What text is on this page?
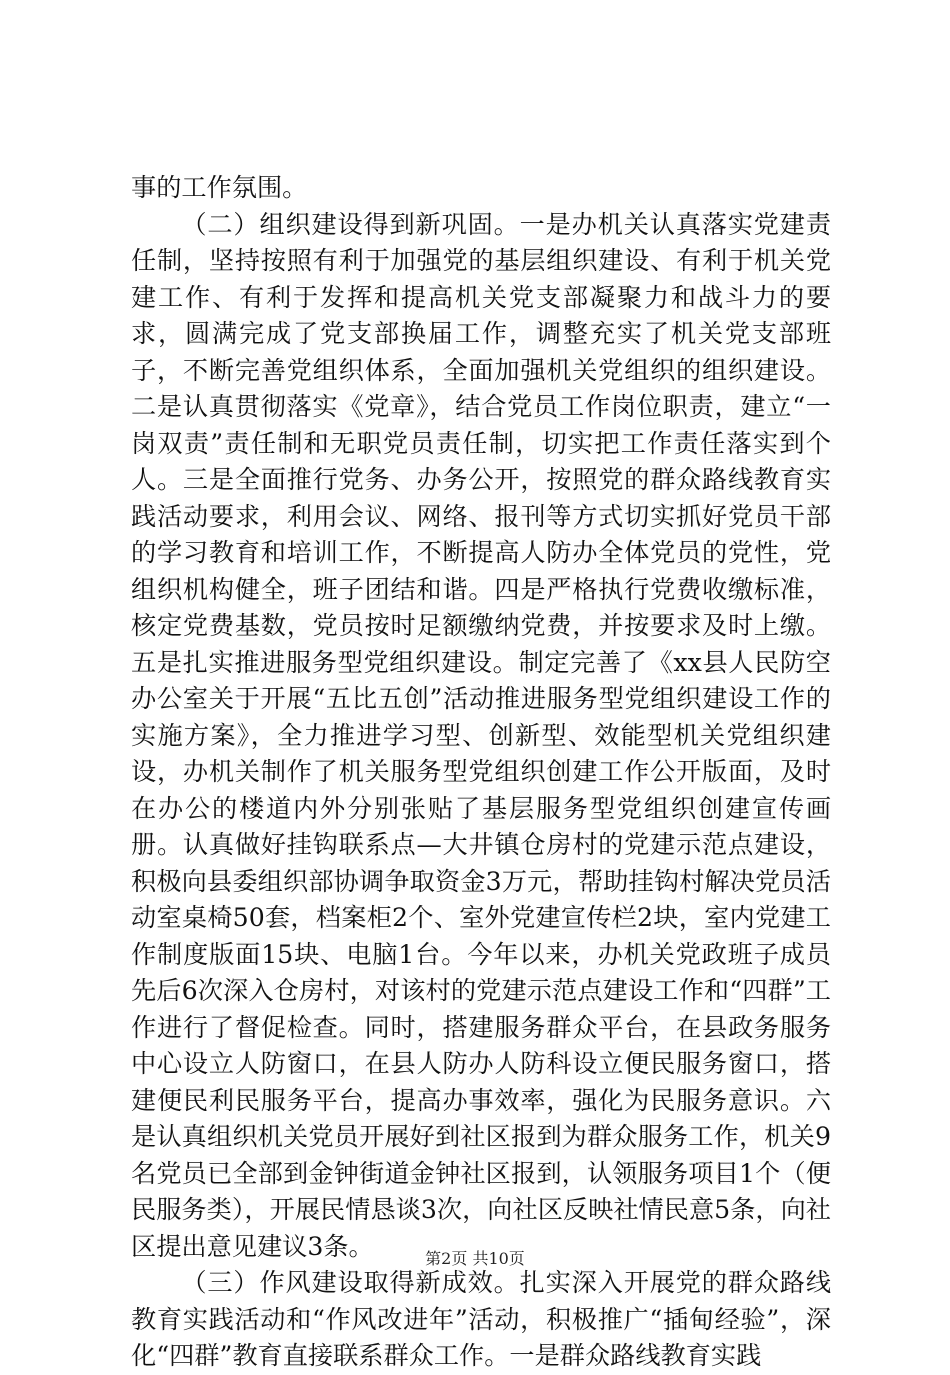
事的工作氛围。

（二）组织建设得到新巩固。一是办机关认真落实党建责任制，坚持按照有利于加强党的基层组织建设、有利于机关党建工作、有利于发挥和提高机关党支部凝聚力和战斗力的要求，圆满完成了党支部换届工作，调整充实了机关党支部班子，不断完善党组织体系，全面加强机关党组织的组织建设。二是认真贯彻落实《党章》，结合党员工作岗位职责，建立“一岗双责”责任制和无职党员责任制，切实把工作责任落实到个人。三是全面推行党务、办务公开，按照党的群众路线教育实践活动要求，利用会议、网络、报刊等方式切实抓好党员干部的学习教育和培训工作，不断提高人防办全体党员的党性，党组织机构健全，班子团结和谐。四是严格执行党费收缴标准，核定党费基数，党员按时足额缴纳党费，并按要求及时上缴。五是扎实推进服务型党组织建设。制定完善了《xx县人民防空办公室关于开展“五比五创”活动推进服务型党组织建设工作的实施方案》，全力推进学习型、创新型、效能型机关党组织建设，办机关制作了机关服务型党组织创建工作公开版面，及时在办公的楼道内外分别张贴了基层服务型党组织创建宣传画册。认真做好挂钩联系点—大井镇仓房村的党建示范点建设，积极向县委组织部协调争取资金3万元，帮助挂钩村解决党员活动室桌椅50套，档案柜2个、室外党建宣传栏2块，室内党建工作制度版面15块、电脑1台。今年以来，办机关党政班子成员先后6次深入仓房村，对该村的党建示范点建设工作和“四群”工作进行了督促检查。同时，搭建服务群众平台，在县政务服务中心设立人防窗口，在县人防办人防科设立便民服务窗口，搭建便民利民服务平台，提高办事效率，强化为民服务意识。六是认真组织机关党员开展好到社区报到为群众服务工作，机关9名党员已全部到金钟街道金钟社区报到，认领服务项目1个（便民服务类），开展民情恳谈3次，向社区反映社情民意5条，向社区提出意见建议3条。

（三）作风建设取得新成效。扎实深入开展党的群众路线教育实践活动和“作风改进年”活动，积极推广“插甸经验”，深化“四群”教育直接联系群众工作。一是群众路线教育实践

第2页 共10页
